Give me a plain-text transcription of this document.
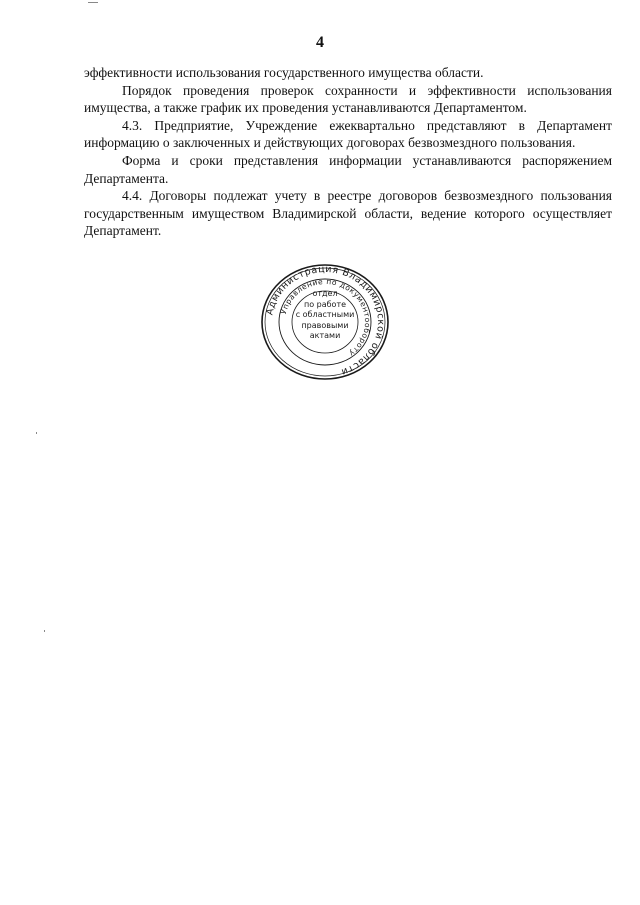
4

эффективности использования государственного имущества области.

Порядок проведения проверок сохранности и эффективности использования имущества, а также график их проведения устанавливаются Департаментом.

4.3. Предприятие, Учреждение ежеквартально представляют в Департамент информацию о заключенных и действующих договорах безвозмездного пользования.

Форма и сроки представления информации устанавливаются распоряжением Департамента.

4.4. Договоры подлежат учету в реестре договоров безвозмездного пользования государственным имуществом Владимирской области, ведение которого осуществляет Департамент.

Администрация Владимирской области
Управление по документообороту
отдел
по работе
с областными
правовыми
актами
